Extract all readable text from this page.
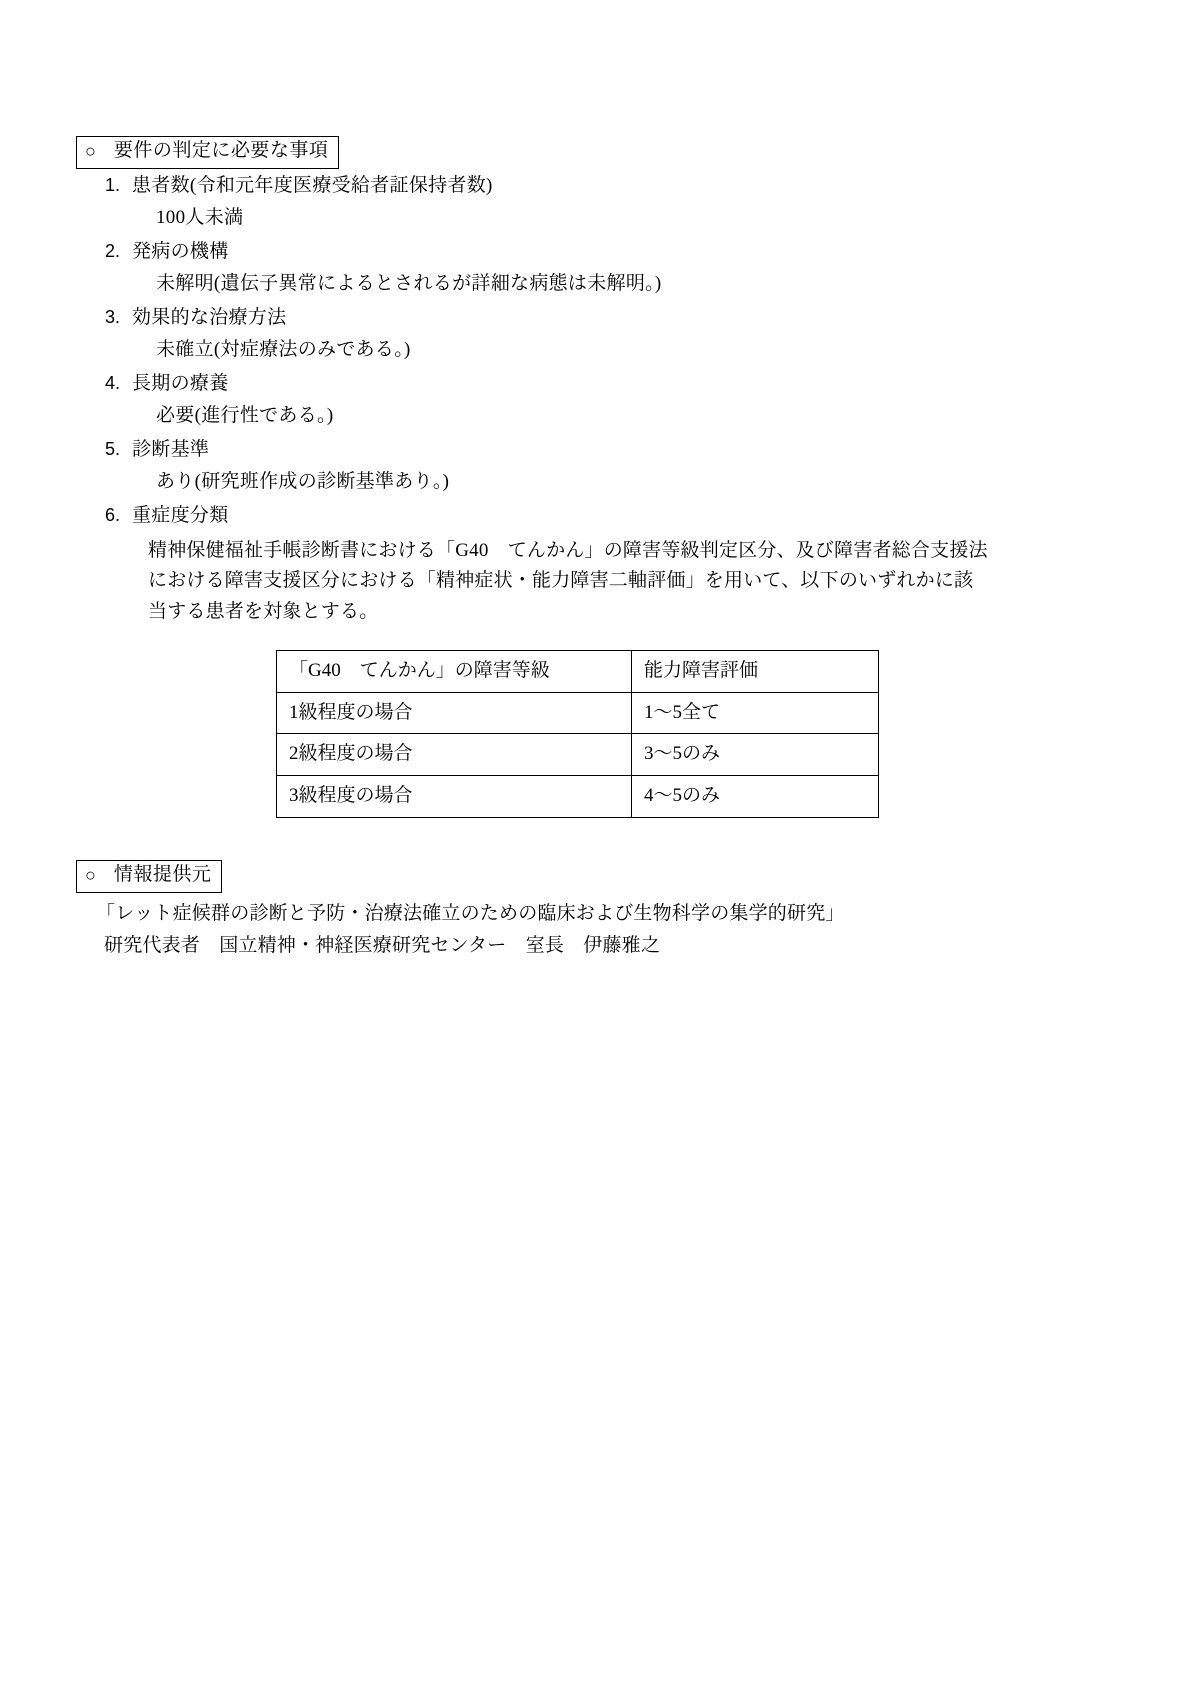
○ 要件の判定に必要な事項
1. 患者数(令和元年度医療受給者証保持者数)
100人未満
2. 発病の機構
未解明(遺伝子異常によるとされるが詳細な病態は未解明。)
3. 効果的な治療方法
未確立(対症療法のみである。)
4. 長期の療養
必要(進行性である。)
5. 診断基準
あり(研究班作成の診断基準あり。)
6. 重症度分類
精神保健福祉手帳診断書における「G40　てんかん」の障害等級判定区分、及び障害者総合支援法
における障害支援区分における「精神症状・能力障害二軸評価」を用いて、以下のいずれかに該
当する患者を対象とする。
「G40　てんかん」の障害等級	能力障害評価
1級程度の場合	1〜5全て
2級程度の場合	3〜5のみ
3級程度の場合	4〜5のみ
○ 情報提供元
「レット症候群の診断と予防・治療法確立のための臨床および生物科学の集学的研究」
研究代表者　国立精神・神経医療研究センター　室長　伊藤雅之
